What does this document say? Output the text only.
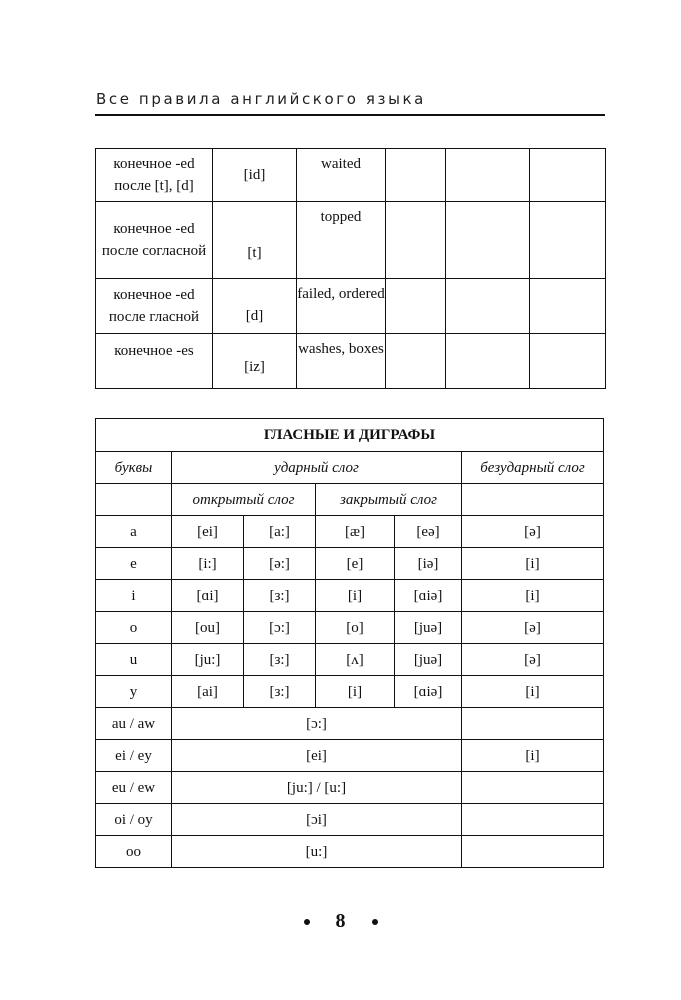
Все правила английского языка
конечное -ed после [t], [d]	[id]	waited			
конечное -ed после согласной	[t]	topped			
конечное -ed после гласной	[d]	failed, ordered			
конечное -es	[iz]	washes, boxes			
ГЛАСНЫЕ И ДИГРАФЫ					
буквы	ударный слог				безударный слог
	открытый слог		закрытый слог		
a	[ei]	[a:]	[æ]	[eə]	[ə]
e	[i:]	[ə:]	[e]	[iə]	[i]
i	[ɑi]	[з:]	[i]	[ɑiə]	[i]
o	[ou]	[ɔ:]	[o]	[juə]	[ə]
u	[ju:]	[з:]	[ʌ]	[juə]	[ə]
y	[ai]	[з:]	[i]	[ɑiə]	[i]
au / aw	[ɔ:]				
ei / ey	[ei]				[i]
eu / ew	[ju:] / [u:]				
oi / oy	[ɔi]				
oo	[u:]				
8
